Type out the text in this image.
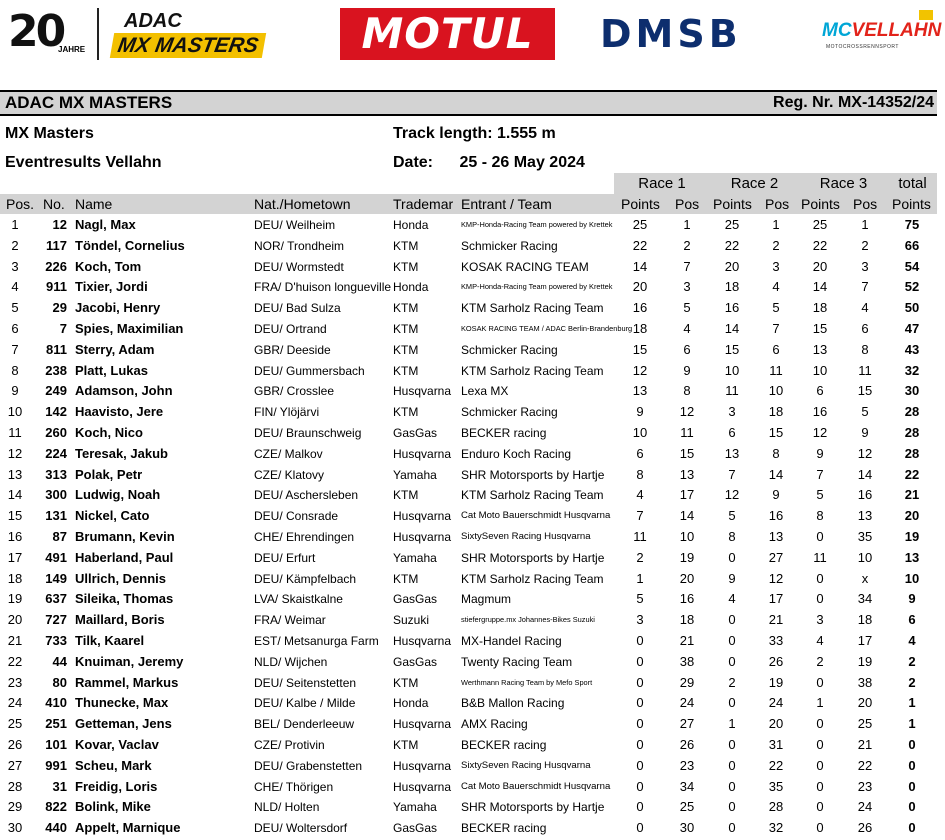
20
JAHRE
ADAC
MX MASTERS	MOTUL	DMSB	MCVELLAHN
MOTOCROSSRENNSPORT
ADAC MX MASTERS	Reg. Nr. MX-14352/24
MX Masters
Eventresults Vellahn
Track length: 1.555 m
Date: 25 - 26 May 2024
Race 1	Race 2	Race 3	total
Pos. No. Name	Nat./Hometown	Trademar Entrant / Team	Points Pos Points Pos Points Pos Points
1	12 Nagl, Max	DEU/ Weilheim	Honda	KMP-Honda-Racing Team powered by Krettek	25	1	25	1	25	1	75
2	117 Töndel, Cornelius	NOR/ Trondheim	KTM	Schmicker Racing	22	2	22	2	22	2	66
3	226 Koch, Tom	DEU/ Wormstedt	KTM	KOSAK RACING TEAM	14	7	20	3	20	3	54
4	911 Tixier, Jordi	FRA/ D'huison longueville Honda	KMP-Honda-Racing Team powered by Krettek	20	3	18	4	14	7	52
5	29 Jacobi, Henry	DEU/ Bad Sulza	KTM	KTM Sarholz Racing Team	16	5	16	5	18	4	50
6	7 Spies, Maximilian	DEU/ Ortrand	KTM	KOSAK RACING TEAM / ADAC Berlin-Brandenburg 18	4	14	7	15	6	47
7	811 Sterry, Adam	GBR/ Deeside	KTM	Schmicker Racing	15	6	15	6	13	8	43
8	238 Platt, Lukas	DEU/ Gummersbach KTM	KTM Sarholz Racing Team	12	9	10	11	10	11	32
9	249 Adamson, John	GBR/ Crosslee	Husqvarna Lexa MX	13	8	11	10	6	15	30
10	142 Haavisto, Jere	FIN/ Ylöjärvi	KTM	Schmicker Racing	9	12	3	18	16	5	28
11	260 Koch, Nico	DEU/ Braunschweig	GasGas BECKER racing	10	11	6	15	12	9	28
12	224 Teresak, Jakub	CZE/ Malkov	Husqvarna Enduro Koch Racing	6	15	13	8	9	12	28
13	313 Polak, Petr	CZE/ Klatovy	Yamaha SHR Motorsports by Hartje	8	13	7	14	7	14	22
14	300 Ludwig, Noah	DEU/ Aschersleben	KTM	KTM Sarholz Racing Team	4	17	12	9	5	16	21
15	131 Nickel, Cato	DEU/ Consrade	Husqvarna Cat Moto Bauerschmidt Husqvarna	7	14	5	16	8	13	20
16	87 Brumann, Kevin	CHE/ Ehrendingen	Husqvarna SixtySeven Racing Husqvarna	11	10	8	13	0	35	19
17	491 Haberland, Paul	DEU/ Erfurt	Yamaha SHR Motorsports by Hartje	2	19	0	27	11	10	13
18	149 Ullrich, Dennis	DEU/ Kämpfelbach	KTM	KTM Sarholz Racing Team	1	20	9	12	0	x	10
19	637 Sileika, Thomas	LVA/ Skaistkalne	GasGas Magmum	5	16	4	17	0	34	9
20	727 Maillard, Boris	FRA/ Weimar	Suzuki	stiefergruppe.mx Johannes-Bikes Suzuki	3	18	0	21	3	18	6
21	733 Tilk, Kaarel	EST/ Metsanurga Farm Husqvarna MX-Handel Racing	0	21	0	33	4	17	4
22	44 Knuiman, Jeremy	NLD/ Wijchen	GasGas Twenty Racing Team	0	38	0	26	2	19	2
23	80 Rammel, Markus	DEU/ Seitenstetten	KTM	Werthmann Racing Team by Mefo Sport	0	29	2	19	0	38	2
24	410 Thunecke, Max	DEU/ Kalbe / Milde	Honda	B&B Mallon Racing	0	24	0	24	1	20	1
25	251 Getteman, Jens	BEL/ Denderleeuw	Husqvarna AMX Racing	0	27	1	20	0	25	1
26	101 Kovar, Vaclav	CZE/ Protivin	KTM	BECKER racing	0	26	0	31	0	21	0
27	991 Scheu, Mark	DEU/ Grabenstetten	Husqvarna SixtySeven Racing Husqvarna	0	23	0	22	0	22	0
28	31 Freidig, Loris	CHE/ Thörigen	Husqvarna Cat Moto Bauerschmidt Husqvarna	0	34	0	35	0	23	0
29	822 Bolink, Mike	NLD/ Holten	Yamaha SHR Motorsports by Hartje	0	25	0	28	0	24	0
30	440 Appelt, Marnique	DEU/ Woltersdorf	GasGas BECKER racing	0	30	0	32	0	26	0
